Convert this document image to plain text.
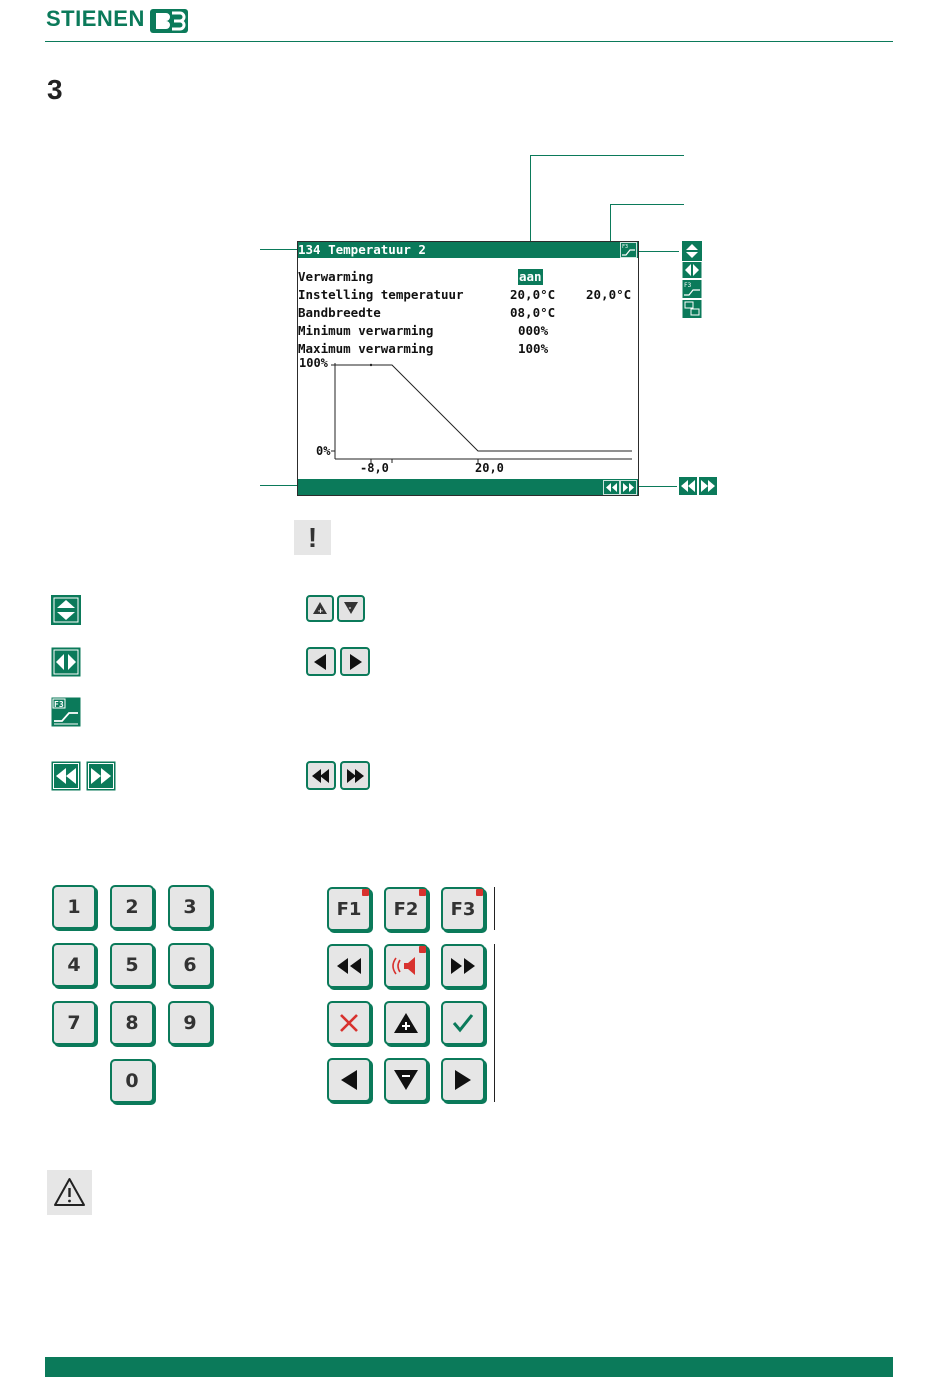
STIENEN
3
134 Temperatuur 2	F3
Verwarming	aan
Instelling temperatuur	20,0°C 20,0°C
Bandbreedte	08,0°C
Minimum verwarming	000%
Maximum verwarming	100%
100%
0%
-8,0	20,0
F3
!
+	-
F3
1	2	3
4	5	6
7	8	9
0
F1 F2 F3
